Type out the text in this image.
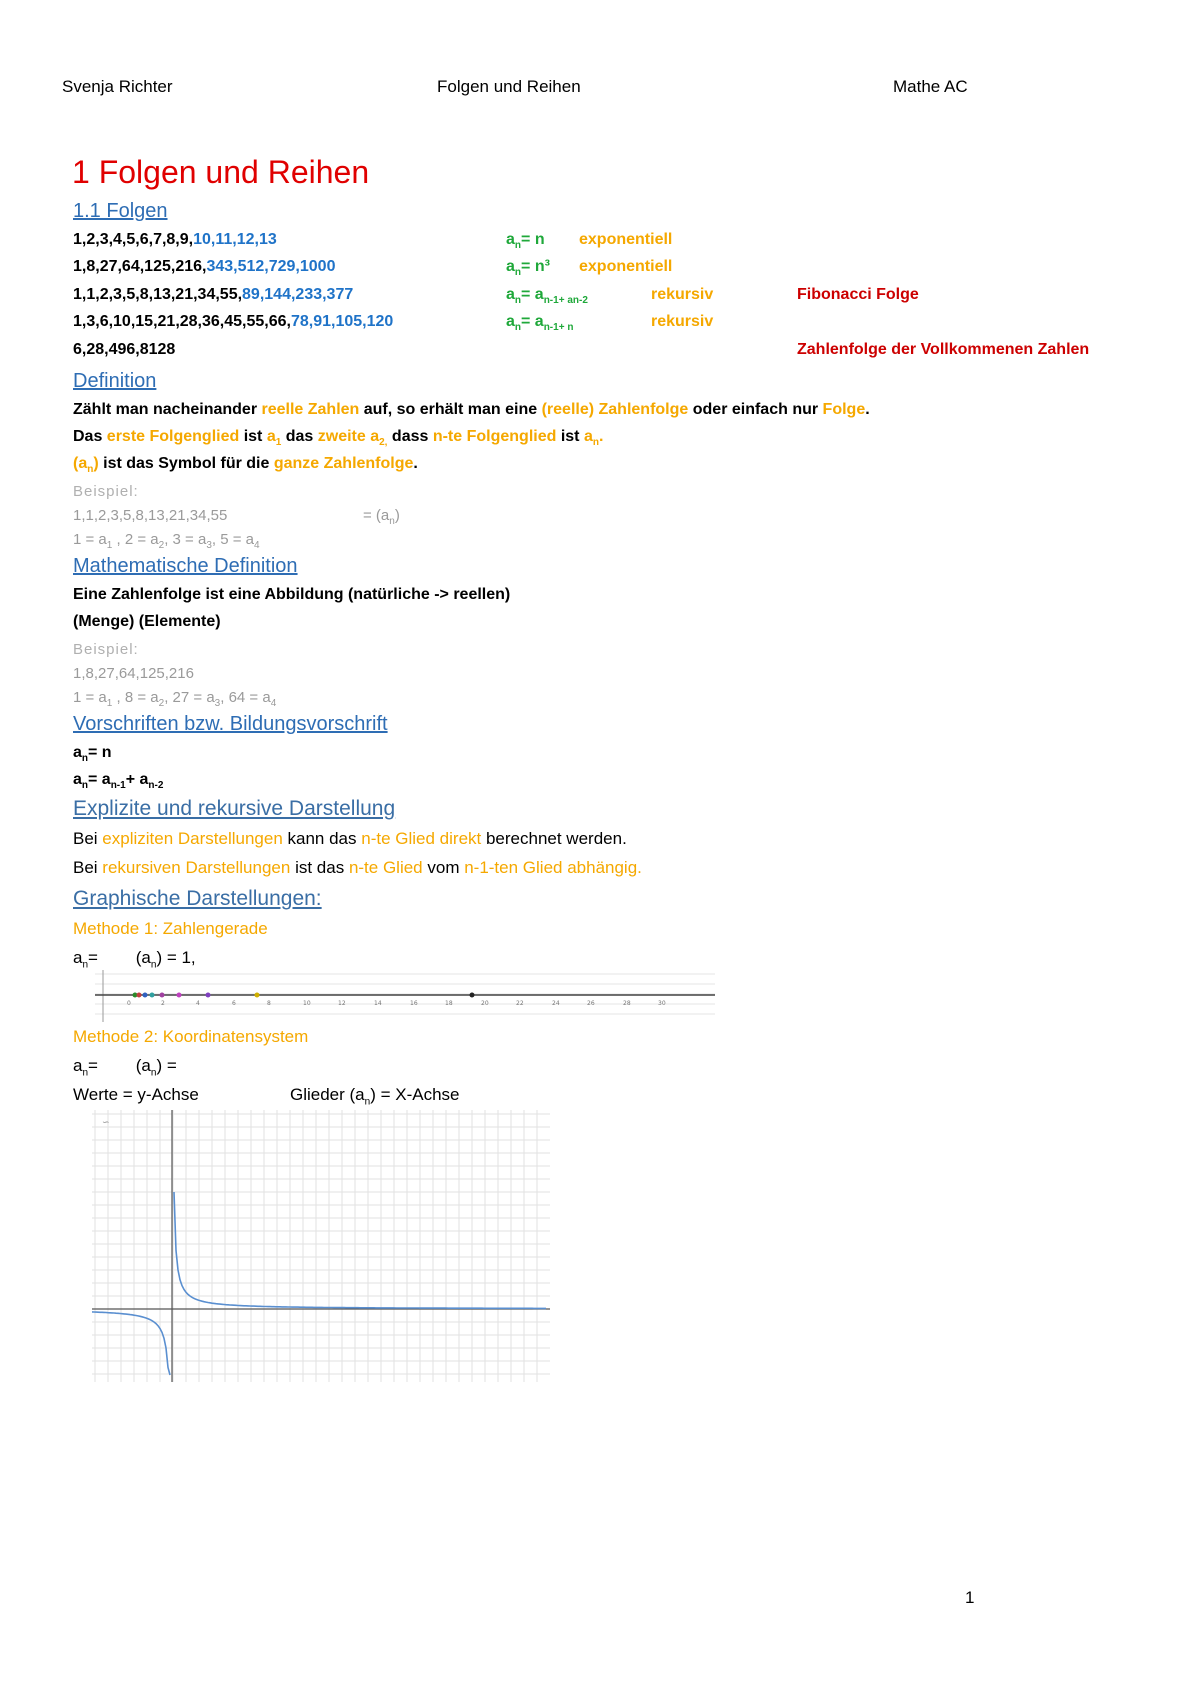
Svenja Richter	Folgen und Reihen	Mathe AC
1 Folgen und Reihen
1.1 Folgen
1,2,3,4,5,6,7,8,9,10,11,12,13	$a_n= n$ exponentiell
1,8,27,64,125,216,343,512,729,1000	$a_n= n^3$ exponentiell
1,1,2,3,5,8,13,21,34,55,89,144,233,377	$a_n= a_{n-1+ an-2}$	rekursiv	Fibonacci Folge
1,3,6,10,15,21,28,36,45,55,66,78,91,105,120	$a_n= a_{n-1+ n}$	rekursiv
6,28,496,8128	Zahlenfolge der Vollkommenen Zahlen
Definition
Zählt man nacheinander reelle Zahlen auf, so erhält man eine (reelle) Zahlenfolge oder einfach nur Folge.
Das erste Folgenglied ist $a_1$ das zweite $a_{2,}$ dass n-te Folgenglied ist $a_n$.
$(a_n)$ ist das Symbol für die ganze Zahlenfolge.
Beispiel:
1,1,2,3,5,8,13,21,34,55	= $(a_n)$
$1 = a_1$ , $2 = a_2$, $3 = a_3$, $5 = a_4$
Mathematische Definition
Eine Zahlenfolge ist eine Abbildung (natürliche -> reellen)
(Menge) (Elemente)
Beispiel:
1,8,27,64,125,216
$1 = a_1$ , $8 = a_2$, $27 = a_3$, $64 = a_4$
Vorschriften bzw. Bildungsvorschrift
$a_n= n$
$a_n= a_{n-1}+ a_{n-2}$
Explizite und rekursive Darstellung
Bei expliziten Darstellungen kann das n-te Glied direkt berechnet werden.
Bei rekursiven Darstellungen ist das n-te Glied vom n-1-ten Glied abhängig.
Graphische Darstellungen:
Methode 1: Zahlengerade
$a_n=$        $(a_n) = 1$,
0	2	4	6	8	10	12	14	16	18	20	22	24	26	28	30
Methode 2: Koordinatensystem
$a_n=$        $(a_n)$ =
Werte = y-Achse	Glieder $(a_n)$ = X-Achse
∽
1
